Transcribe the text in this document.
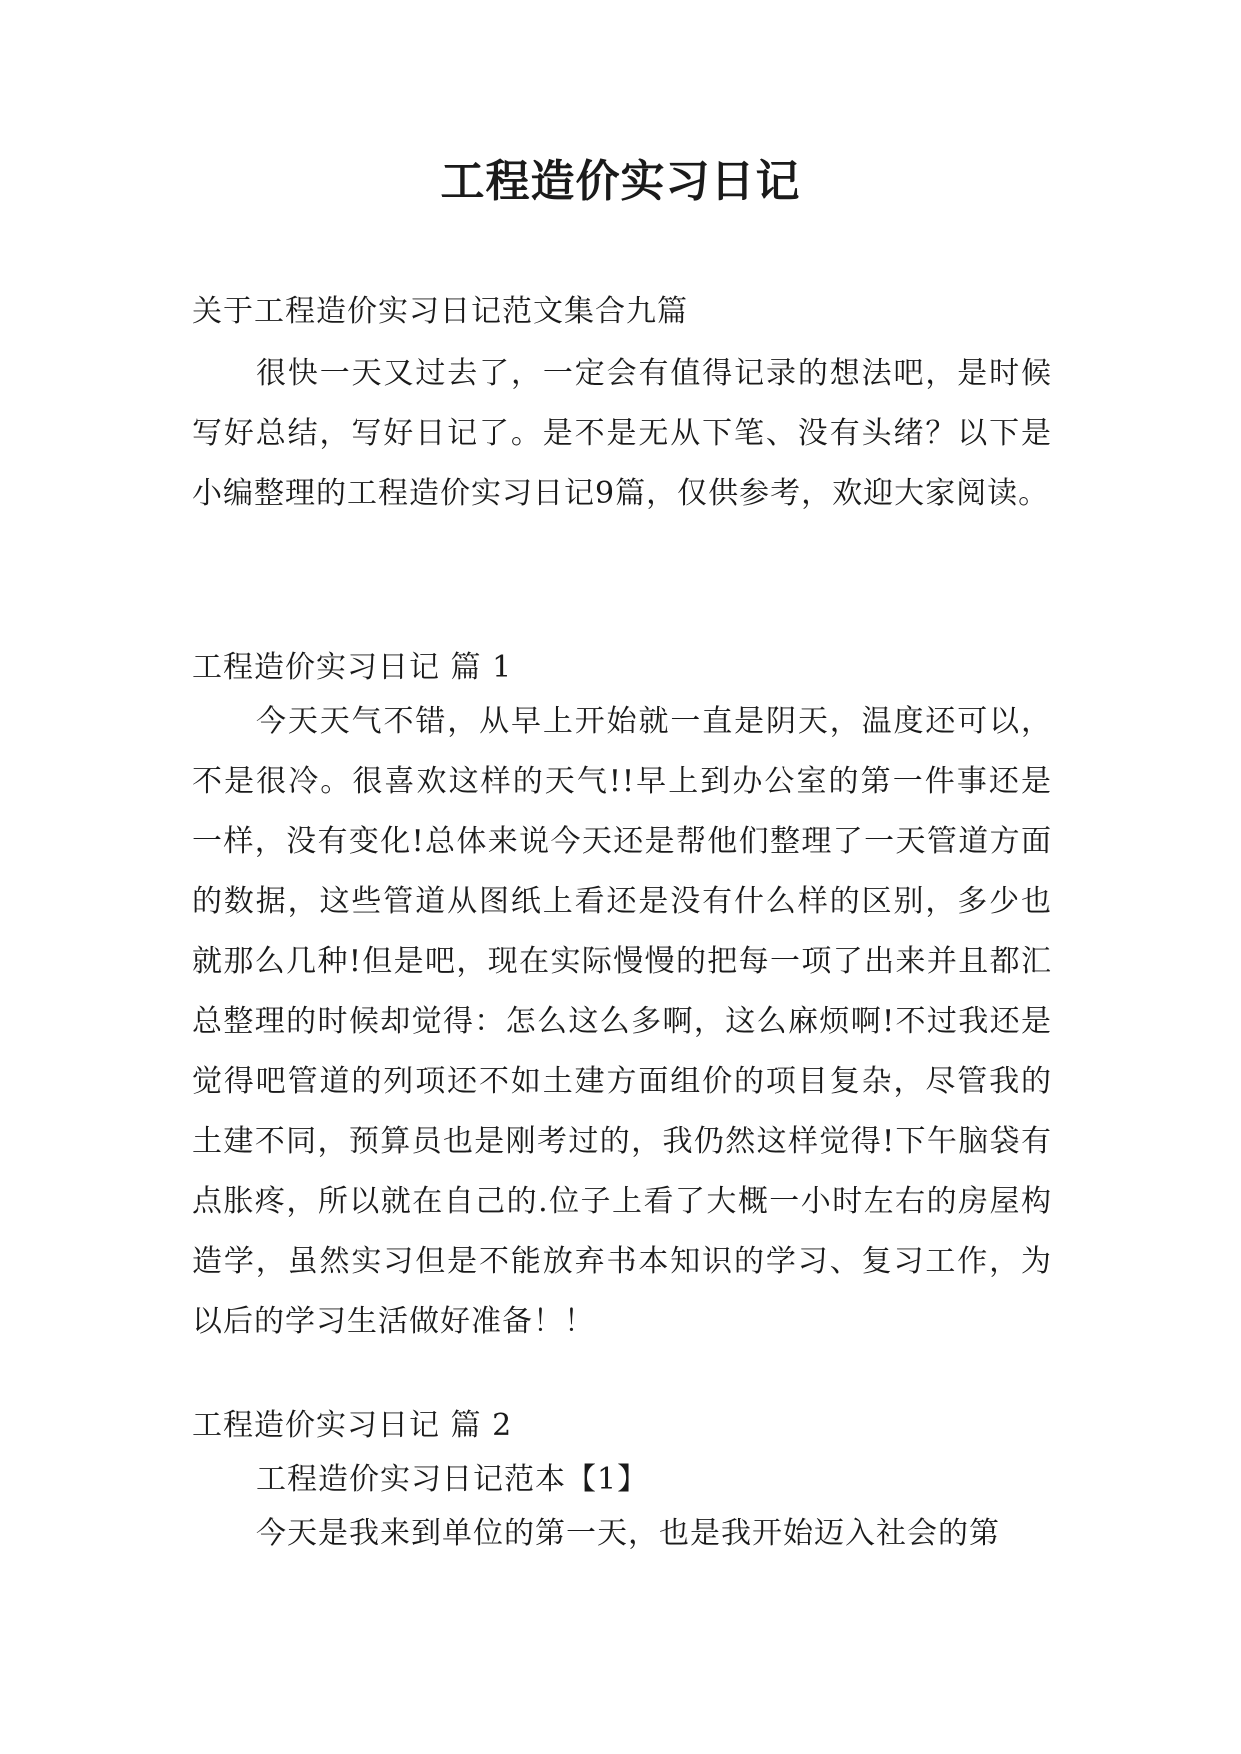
工程造价实习日记

关于工程造价实习日记范文集合九篇

很快一天又过去了，一定会有值得记录的想法吧，是时候写好总结，写好日记了。是不是无从下笔、没有头绪？以下是小编整理的工程造价实习日记9篇，仅供参考，欢迎大家阅读。

工程造价实习日记 篇 1

今天天气不错，从早上开始就一直是阴天，温度还可以，不是很冷。很喜欢这样的天气!!早上到办公室的第一件事还是一样，没有变化!总体来说今天还是帮他们整理了一天管道方面的数据，这些管道从图纸上看还是没有什么样的区别，多少也就那么几种!但是吧，现在实际慢慢的把每一项了出来并且都汇总整理的时候却觉得：怎么这么多啊，这么麻烦啊!不过我还是觉得吧管道的列项还不如土建方面组价的项目复杂，尽管我的土建不同，预算员也是刚考过的，我仍然这样觉得!下午脑袋有点胀疼，所以就在自己的.位子上看了大概一小时左右的房屋构造学，虽然实习但是不能放弃书本知识的学习、复习工作，为以后的学习生活做好准备！！

工程造价实习日记 篇 2

工程造价实习日记范本【1】

今天是我来到单位的第一天，也是我开始迈入社会的第
